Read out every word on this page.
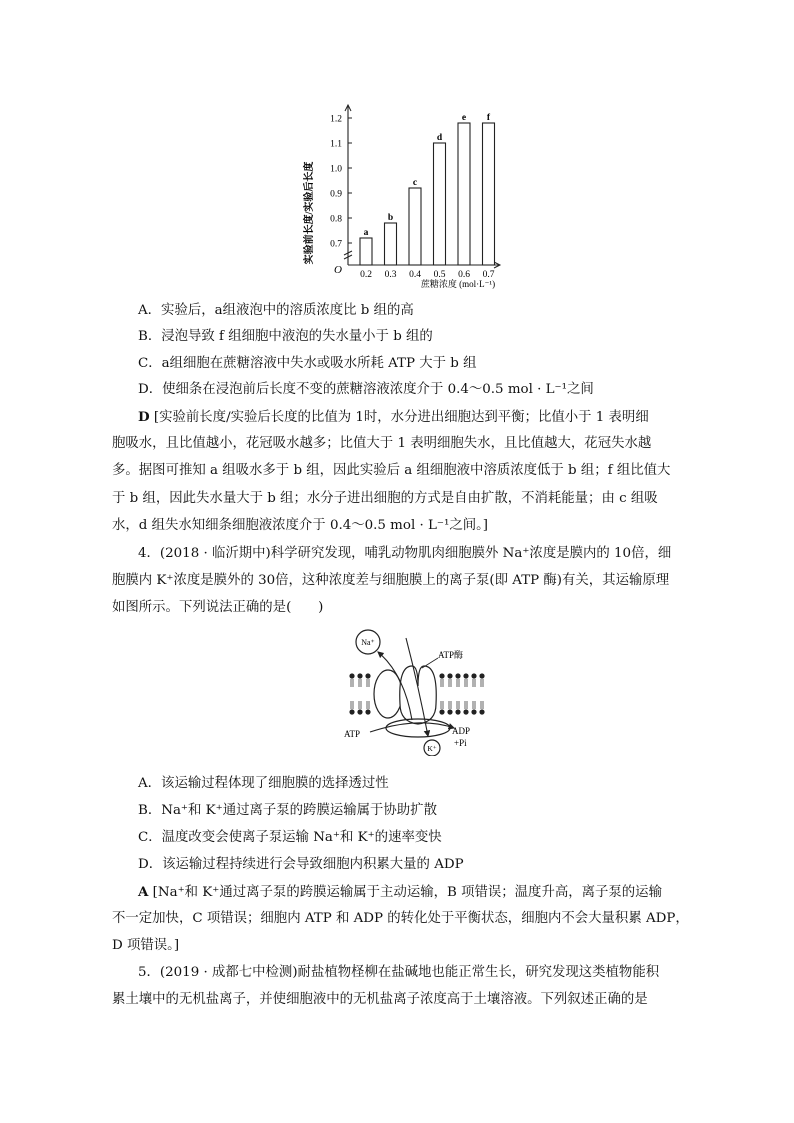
a
b
c
d
e f
0.7
0.8
0.9
1.0
1.1
1.2
0.2 0.3 0.4 0.5 0.6 0.7
实验前长度/实验后长度
蔗糖浓度 (mol·L⁻¹)
O
A．实验后，a组液泡中的溶质浓度比 b 组的高
B．浸泡导致 f 组细胞中液泡的失水量小于 b 组的
C．a组细胞在蔗糖溶液中失水或吸水所耗 ATP 大于 b 组
D．使细条在浸泡前后长度不变的蔗糖溶液浓度介于 0.4～0.5 mol · L⁻¹之间
D [实验前长度/实验后长度的比值为 1时，水分进出细胞达到平衡；比值小于 1 表明细
胞吸水，且比值越小，花冠吸水越多；比值大于 1 表明细胞失水，且比值越大，花冠失水越
多。据图可推知 a 组吸水多于 b 组，因此实验后 a 组细胞液中溶质浓度低于 b 组；f 组比值大
于 b 组，因此失水量大于 b 组；水分子进出细胞的方式是自由扩散，不消耗能量；由 c 组吸
水，d 组失水知细条细胞液浓度介于 0.4～0.5 mol · L⁻¹之间。]
4．(2018 · 临沂期中)科学研究发现，哺乳动物肌肉细胞膜外 Na⁺浓度是膜内的 10倍，细
胞膜内 K⁺浓度是膜外的 30倍，这种浓度差与细胞膜上的离子泵(即 ATP 酶)有关，其运输原理
如图所示。下列说法正确的是(　　)
Na⁺
K⁺
ATP酶
ATP	ADP
+Pi
A．该运输过程体现了细胞膜的选择透过性
B．Na⁺和 K⁺通过离子泵的跨膜运输属于协助扩散
C．温度改变会使离子泵运输 Na⁺和 K⁺的速率变快
D．该运输过程持续进行会导致细胞内积累大量的 ADP
A [Na⁺和 K⁺通过离子泵的跨膜运输属于主动运输，B 项错误；温度升高，离子泵的运输
不一定加快，C 项错误；细胞内 ATP 和 ADP 的转化处于平衡状态，细胞内不会大量积累 ADP，
D 项错误。]
5．(2019 · 成都七中检测)耐盐植物柽柳在盐碱地也能正常生长，研究发现这类植物能积
累土壤中的无机盐离子，并使细胞液中的无机盐离子浓度高于土壤溶液。下列叙述正确的是
